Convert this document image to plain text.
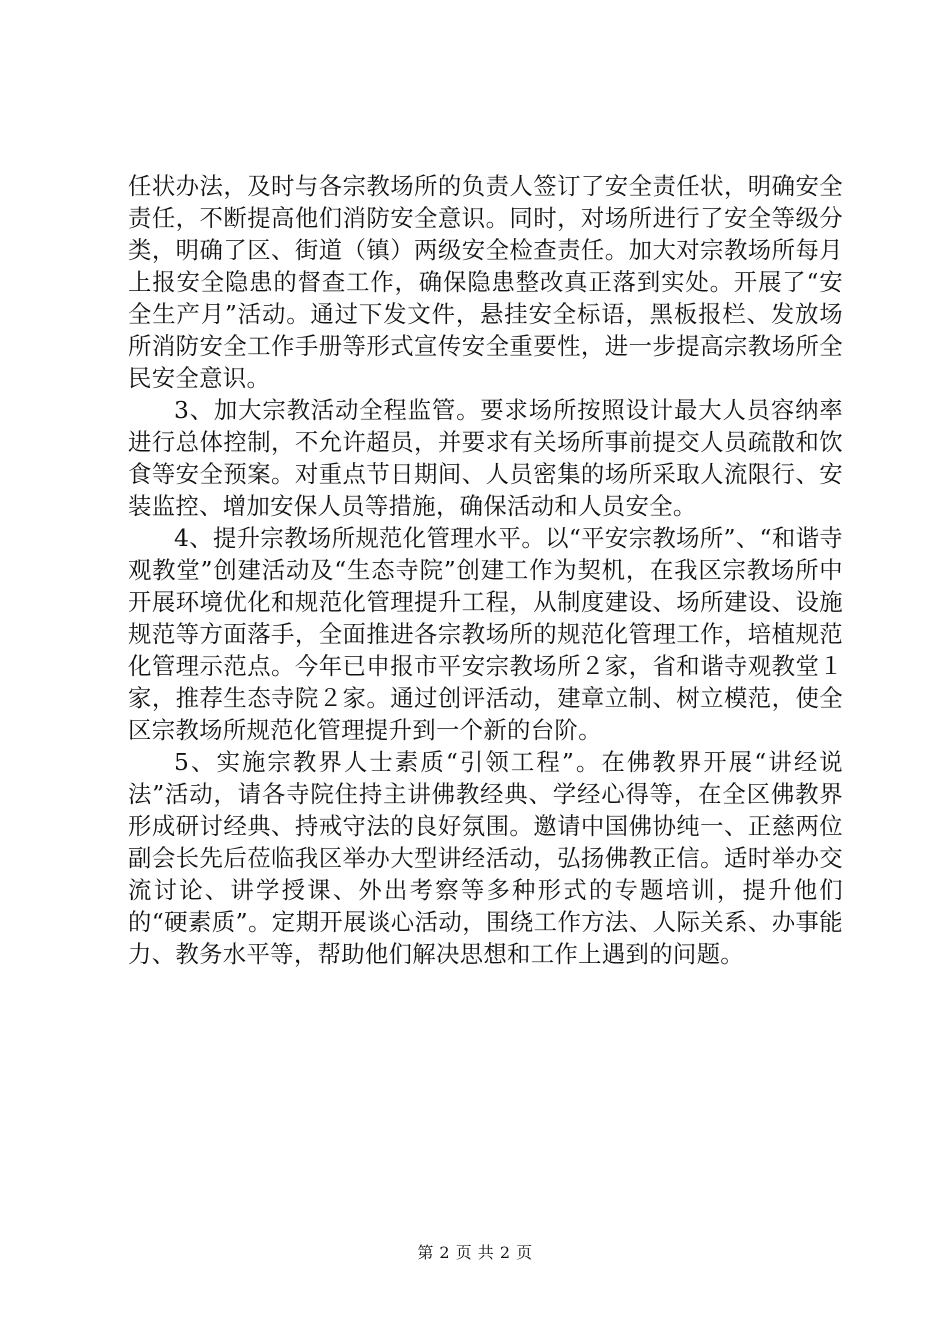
任状办法，及时与各宗教场所的负责人签订了安全责任状，明确安全责任，不断提高他们消防安全意识。同时，对场所进行了安全等级分类，明确了区、街道（镇）两级安全检查责任。加大对宗教场所每月上报安全隐患的督查工作，确保隐患整改真正落到实处。开展了“安全生产月”活动。通过下发文件，悬挂安全标语，黑板报栏、发放场所消防安全工作手册等形式宣传安全重要性，进一步提高宗教场所全民安全意识。

3、加大宗教活动全程监管。要求场所按照设计最大人员容纳率进行总体控制，不允许超员，并要求有关场所事前提交人员疏散和饮食等安全预案。对重点节日期间、人员密集的场所采取人流限行、安装监控、增加安保人员等措施，确保活动和人员安全。

4、提升宗教场所规范化管理水平。以“平安宗教场所”、“和谐寺观教堂”创建活动及“生态寺院”创建工作为契机，在我区宗教场所中开展环境优化和规范化管理提升工程，从制度建设、场所建设、设施规范等方面落手，全面推进各宗教场所的规范化管理工作，培植规范化管理示范点。今年已申报市平安宗教场所２家，省和谐寺观教堂１家，推荐生态寺院２家。通过创评活动，建章立制、树立模范，使全区宗教场所规范化管理提升到一个新的台阶。

5、实施宗教界人士素质“引领工程”。在佛教界开展“讲经说法”活动，请各寺院住持主讲佛教经典、学经心得等，在全区佛教界形成研讨经典、持戒守法的良好氛围。邀请中国佛协纯一、正慈两位副会长先后莅临我区举办大型讲经活动，弘扬佛教正信。适时举办交流讨论、讲学授课、外出考察等多种形式的专题培训，提升他们的“硬素质”。定期开展谈心活动，围绕工作方法、人际关系、办事能力、教务水平等，帮助他们解决思想和工作上遇到的问题。

第 2 页 共 2 页
